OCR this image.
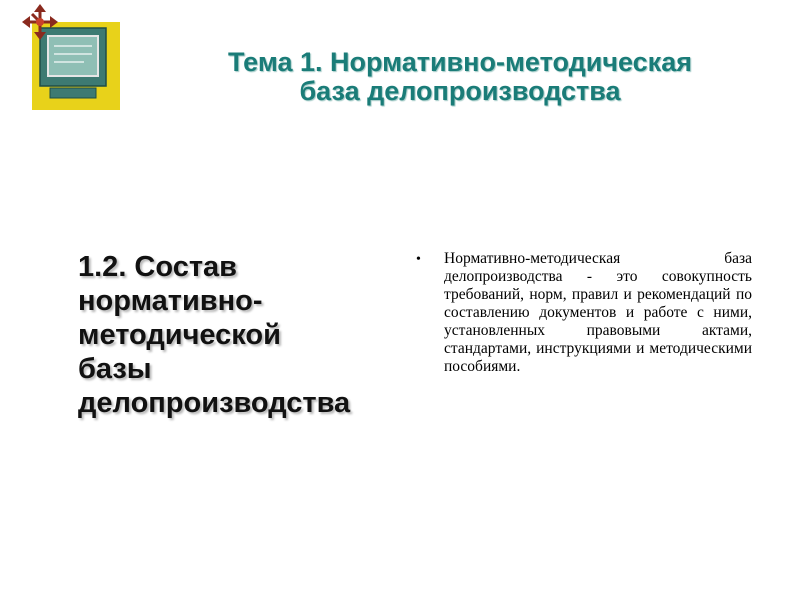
Тема 1. Нормативно-методическая
база делопроизводства
1.2. Состав
нормативно-
методической
базы
делопроизводства
• Нормативно-методическая база делопроизводства - это совокупность требований, норм, правил и рекомендаций по составлению документов и работе с ними, установленных правовыми актами, стандартами, инструкциями и методическими пособиями.
